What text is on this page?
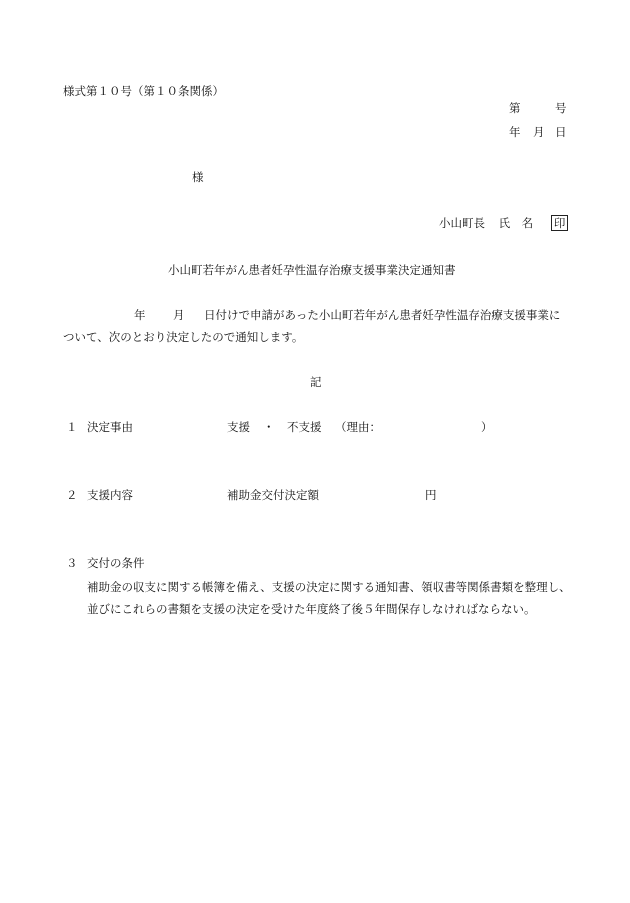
様式第１０号（第１０条関係）
第	号
年 月 日
様
小山町長 氏　名 印
小山町若年がん患者妊孕性温存治療支援事業決定通知書
年 月 日付けで申請があった小山町若年がん患者妊孕性温存治療支援事業に
ついて、次のとおり決定したので通知します。
記
１ 決定事由	支援 ・ 不支援 （理由：	）
２ 支援内容	補助金交付決定額	円
３ 交付の条件
補助金の収支に関する帳簿を備え、支援の決定に関する通知書、領収書等関係書類を整理し、
並びにこれらの書類を支援の決定を受けた年度終了後５年間保存しなければならない。
